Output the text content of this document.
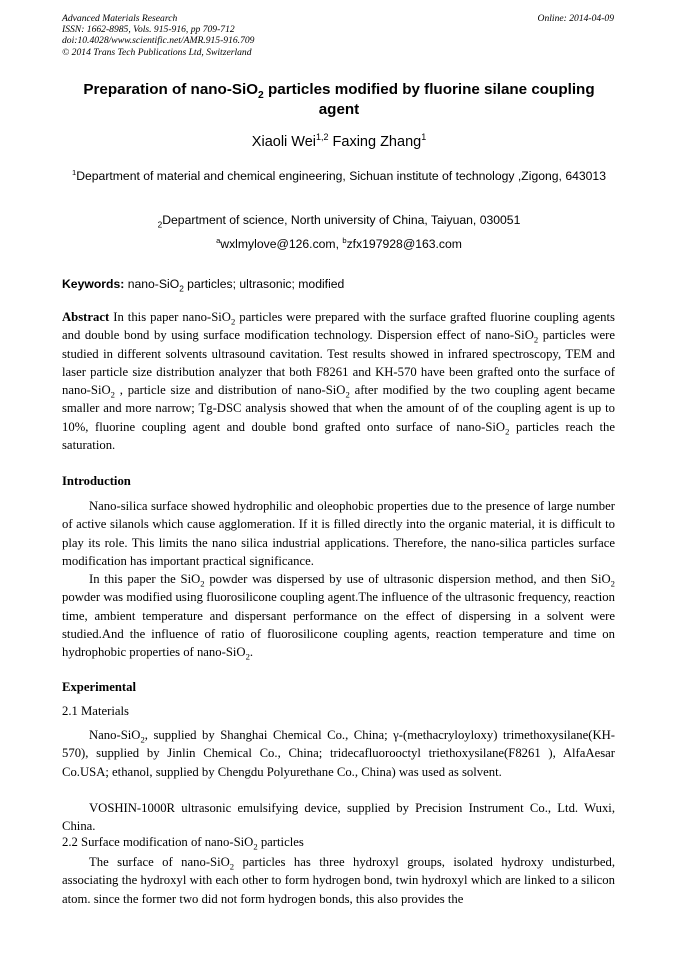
Advanced Materials Research
ISSN: 1662-8985, Vols. 915-916, pp 709-712
doi:10.4028/www.scientific.net/AMR.915-916.709
© 2014 Trans Tech Publications Ltd, Switzerland
Online: 2014-04-09
Preparation of nano-SiO$_2$ particles modified by fluorine silane coupling agent
Xiaoli Wei$^{1,2}$ Faxing Zhang$^1$
$^1$Department of material and chemical engineering, Sichuan institute of technology ,Zigong, 643013
$_2$Department of science, North university of China, Taiyuan, 030051
$^a$wxlmylove@126.com, $^b$zfx197928@163.com
Keywords: nano-SiO$_2$ particles; ultrasonic; modified
Abstract In this paper nano-SiO$_2$ particles were prepared with the surface grafted fluorine coupling agents and double bond by using surface modification technology. Dispersion effect of nano-SiO$_2$ particles were studied in different solvents ultrasound cavitation. Test results showed in infrared spectroscopy, TEM and laser particle size distribution analyzer that both F8261 and KH-570 have been grafted onto the surface of nano-SiO$_2$ , particle size and distribution of nano-SiO$_2$ after modified by the two coupling agent became smaller and more narrow; Tg-DSC analysis showed that when the amount of of the coupling agent is up to 10%, fluorine coupling agent and double bond grafted onto surface of nano-SiO$_2$ particles reach the saturation.
Introduction
Nano-silica surface showed hydrophilic and oleophobic properties due to the presence of large number of active silanols which cause agglomeration. If it is filled directly into the organic material, it is difficult to play its role. This limits the nano silica industrial applications. Therefore, the nano-silica particles surface modification has important practical significance.
In this paper the SiO$_2$ powder was dispersed by use of ultrasonic dispersion method, and then SiO$_2$ powder was modified using fluorosilicone coupling agent.The influence of the ultrasonic frequency, reaction time, ambient temperature and dispersant performance on the effect of dispersing in a solvent were studied.And the influence of ratio of fluorosilicone coupling agents, reaction temperature and time on hydrophobic properties of nano-SiO$_2$.
Experimental
2.1 Materials
Nano-SiO$_2$, supplied by Shanghai Chemical Co., China; γ-(methacryloyloxy) trimethoxysilane(KH-570), supplied by Jinlin Chemical Co., China; tridecafluorooctyl triethoxysilane(F8261 ), AlfaAesar Co.USA; ethanol, supplied by Chengdu Polyurethane Co., China) was used as solvent.
VOSHIN-1000R ultrasonic emulsifying device, supplied by Precision Instrument Co., Ltd. Wuxi, China.
2.2 Surface modification of nano-SiO$_2$ particles
The surface of nano-SiO$_2$ particles has three hydroxyl groups, isolated hydroxy undisturbed, associating the hydroxyl with each other to form hydrogen bond, twin hydroxyl which are linked to a silicon atom. since the former two did not form hydrogen bonds, this also provides the
